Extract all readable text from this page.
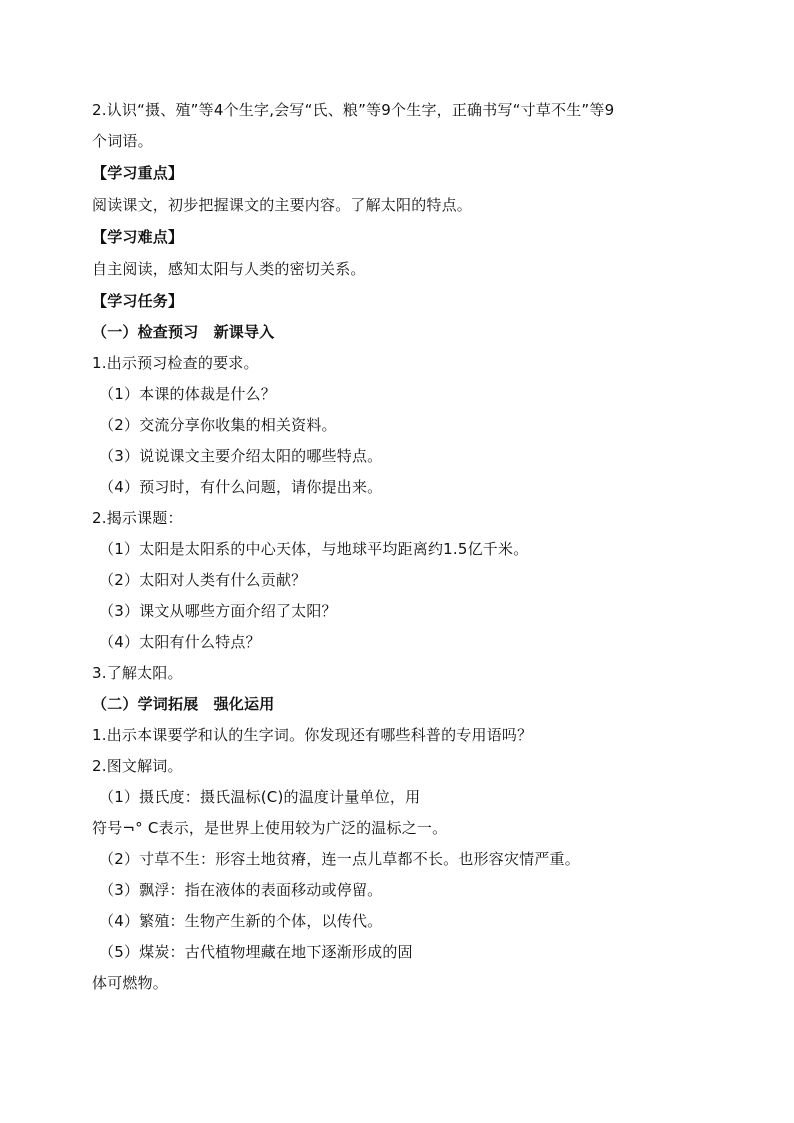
2.认识“摄、殖”等4个生字,会写“氏、粮”等9个生字，正确书写“寸草不生”等9
个词语。
【学习重点】
阅读课文，初步把握课文的主要内容。了解太阳的特点。
【学习难点】
自主阅读，感知太阳与人类的密切关系。
【学习任务】
（一）检查预习　新课导入
1.出示预习检查的要求。
（1）本课的体裁是什么？
（2）交流分享你收集的相关资料。
（3）说说课文主要介绍太阳的哪些特点。
（4）预习时，有什么问题，请你提出来。
2.揭示课题：
（1）太阳是太阳系的中心天体，与地球平均距离约1.5亿千米。
（2）太阳对人类有什么贡献？
（3）课文从哪些方面介绍了太阳？
（4）太阳有什么特点？
3.了解太阳。
（二）学词拓展　强化运用
1.出示本课要学和认的生字词。你发现还有哪些科普的专用语吗？
2.图文解词。
（1）摄氏度：摄氏温标(C)的温度计量单位，用
符号¬° C表示，是世界上使用较为广泛的温标之一。
（2）寸草不生：形容土地贫瘠，连一点儿草都不长。也形容灾情严重。
（3）飘浮：指在液体的表面移动或停留。
（4）繁殖：生物产生新的个体，以传代。
（5）煤炭：古代植物埋藏在地下逐渐形成的固
体可燃物。
